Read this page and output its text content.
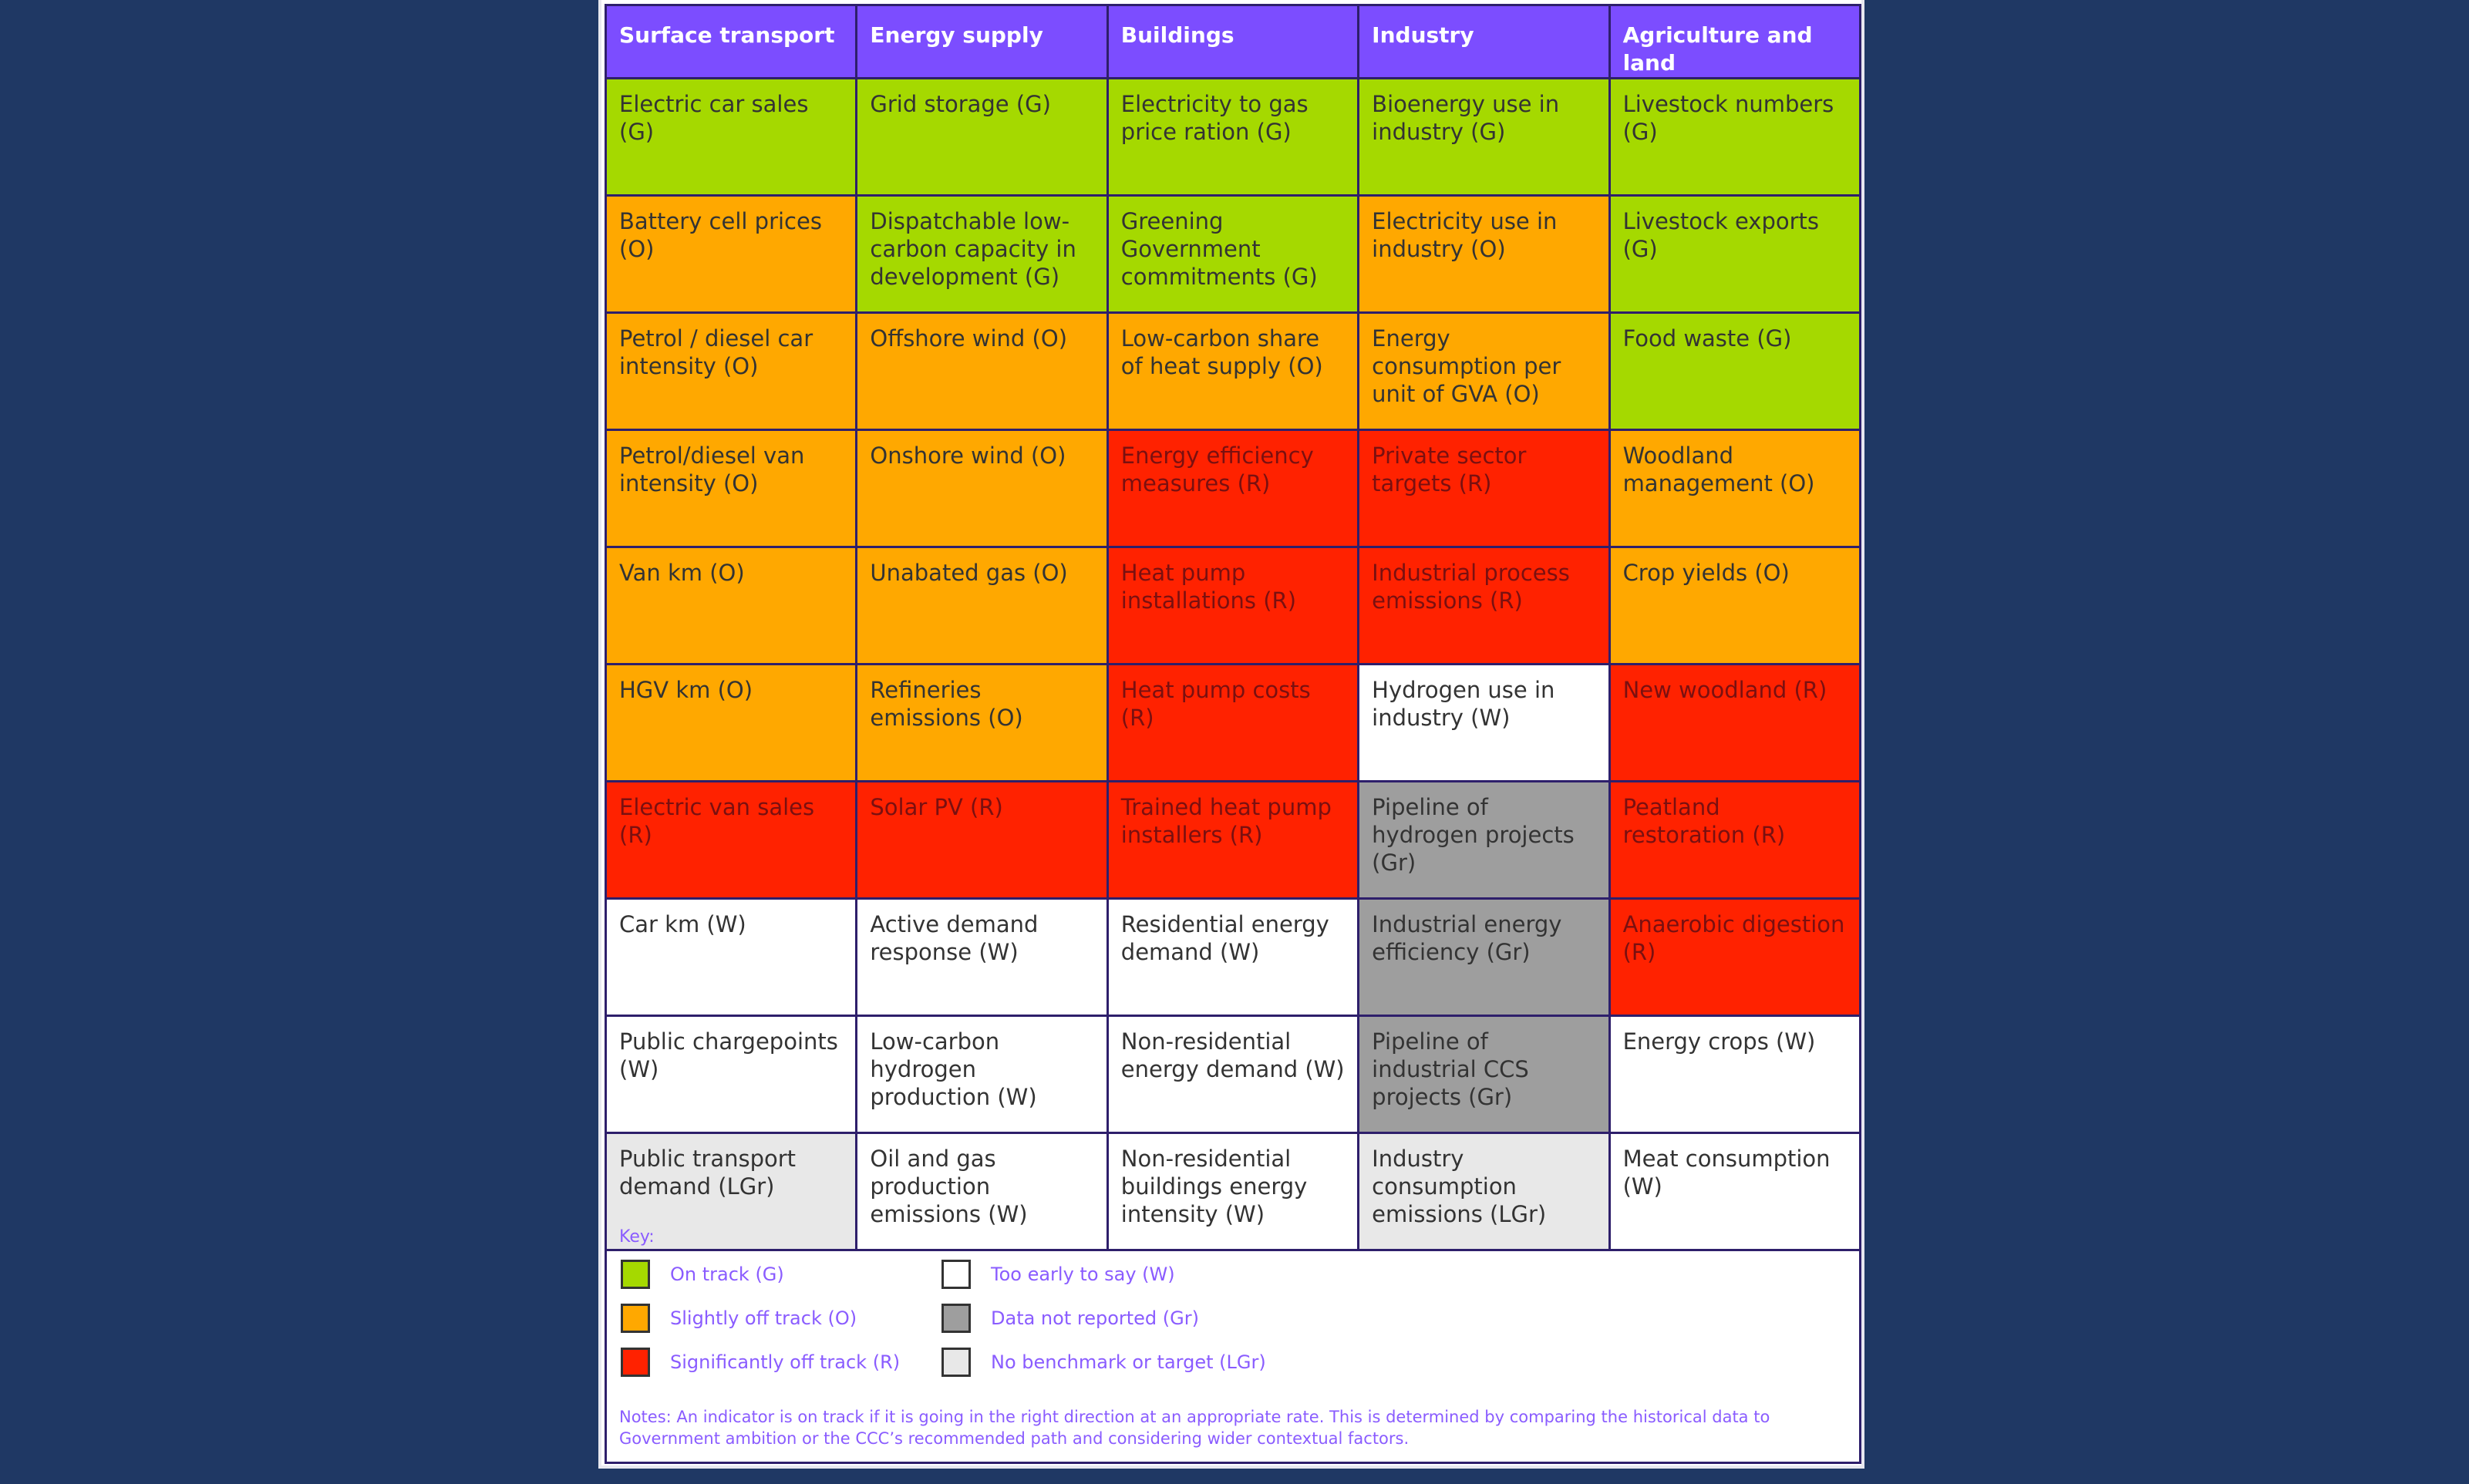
Surface transport	Energy supply	Buildings	Industry	Agriculture and land
Electric car sales (G)	Grid storage (G)	Electricity to gas price ration (G)	Bioenergy use in industry (G)	Livestock numbers (G)
Battery cell prices (O)	Dispatchable low-carbon capacity in development (G)	Greening Government commitments (G)	Electricity use in industry (O)	Livestock exports (G)
Petrol / diesel car intensity (O)	Offshore wind (O)	Low-carbon share of heat supply (O)	Energy consumption per unit of GVA (O)	Food waste (G)
Petrol/diesel van intensity (O)	Onshore wind (O)	Energy efficiency measures (R)	Private sector targets (R)	Woodland management (O)
Van km (O)	Unabated gas (O)	Heat pump installations (R)	Industrial process emissions (R)	Crop yields (O)
HGV km (O)	Refineries emissions (O)	Heat pump costs (R)	Hydrogen use in industry (W)	New woodland (R)
Electric van sales (R)	Solar PV (R)	Trained heat pump installers (R)	Pipeline of hydrogen projects (Gr)	Peatland restoration (R)
Car km (W)	Active demand response (W)	Residential energy demand (W)	Industrial energy efficiency (Gr)	Anaerobic digestion (R)
Public chargepoints (W)	Low-carbon hydrogen production (W)	Non-residential energy demand (W)	Pipeline of industrial CCS projects (Gr)	Energy crops (W)
Public transport demand (LGr)	Oil and gas production emissions (W)	Non-residential buildings energy intensity (W)	Industry consumption emissions (LGr)	Meat consumption (W)
Key:
On track (G)
Slightly off track (O)
Significantly off track (R)
Too early to say (W)
Data not reported (Gr)
No benchmark or target (LGr)
Notes: An indicator is on track if it is going in the right direction at an appropriate rate. This is determined by comparing the historical data to Government ambition or the CCC’s recommended path and considering wider contextual factors.
